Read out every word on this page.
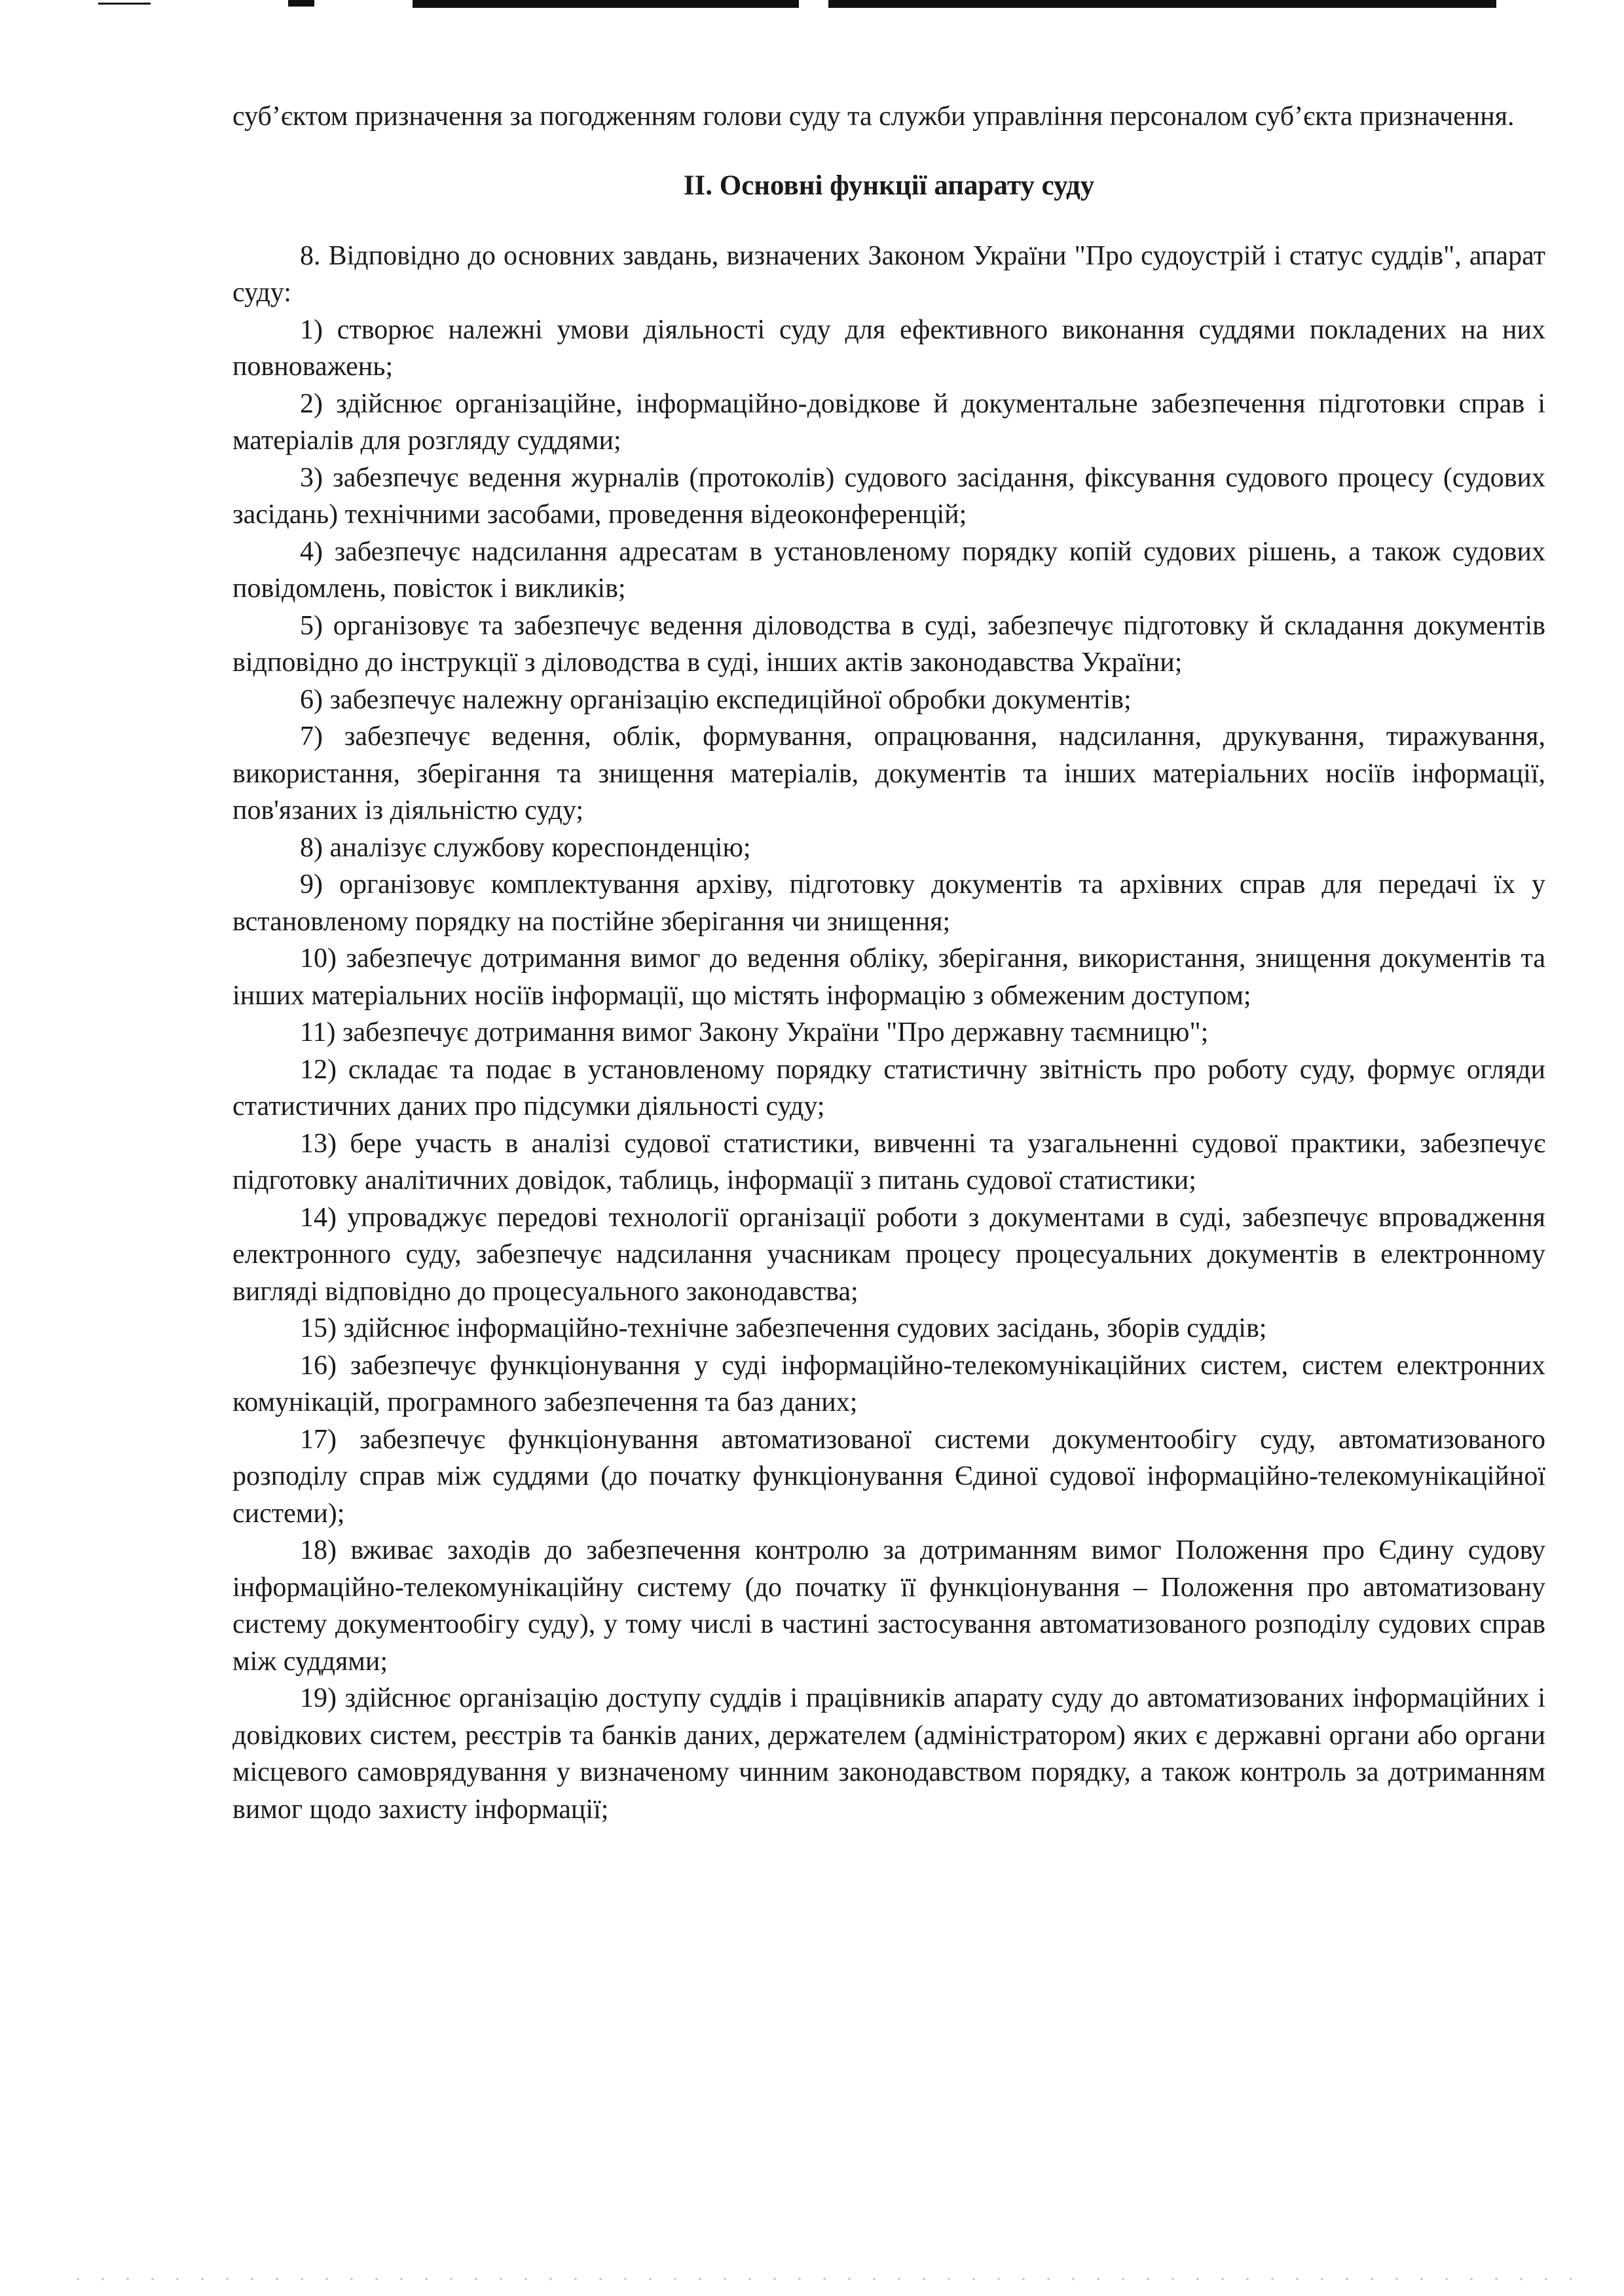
суб’єктом призначення за погодженням голови суду та служби управління персоналом суб’єкта призначення.

ІІ. Основні функції апарату суду

8. Відповідно до основних завдань, визначених Законом України "Про судоустрій і статус суддів", апарат суду:

1) створює належні умови діяльності суду для ефективного виконання суддями покладених на них повноважень;

2) здійснює організаційне, інформаційно-довідкове й документальне забезпечення підготовки справ і матеріалів для розгляду суддями;

3) забезпечує ведення журналів (протоколів) судового засідання, фіксування судового процесу (судових засідань) технічними засобами, проведення відеоконференцій;

4) забезпечує надсилання адресатам в установленому порядку копій судових рішень, а також судових повідомлень, повісток і викликів;

5) організовує та забезпечує ведення діловодства в суді, забезпечує підготовку й складання документів відповідно до інструкції з діловодства в суді, інших актів законодавства України;

6) забезпечує належну організацію експедиційної обробки документів;

7) забезпечує ведення, облік, формування, опрацювання, надсилання, друкування, тиражування, використання, зберігання та знищення матеріалів, документів та інших матеріальних носіїв інформації, пов'язаних із діяльністю суду;

8) аналізує службову кореспонденцію;

9) організовує комплектування архіву, підготовку документів та архівних справ для передачі їх у встановленому порядку на постійне зберігання чи знищення;

10) забезпечує дотримання вимог до ведення обліку, зберігання, використання, знищення документів та інших матеріальних носіїв інформації, що містять інформацію з обмеженим доступом;

11) забезпечує дотримання вимог Закону України "Про державну таємницю";

12) складає та подає в установленому порядку статистичну звітність про роботу суду, формує огляди статистичних даних про підсумки діяльності суду;

13) бере участь в аналізі судової статистики, вивченні та узагальненні судової практики, забезпечує підготовку аналітичних довідок, таблиць, інформації з питань судової статистики;

14) упроваджує передові технології організації роботи з документами в суді, забезпечує впровадження електронного суду, забезпечує надсилання учасникам процесу процесуальних документів в електронному вигляді відповідно до процесуального законодавства;

15) здійснює інформаційно-технічне забезпечення судових засідань, зборів суддів;

16) забезпечує функціонування у суді інформаційно-телекомунікаційних систем, систем електронних комунікацій, програмного забезпечення та баз даних;

17) забезпечує функціонування автоматизованої системи документообігу суду, автоматизованого розподілу справ між суддями (до початку функціонування Єдиної судової інформаційно-телекомунікаційної системи);

18) вживає заходів до забезпечення контролю за дотриманням вимог Положення про Єдину судову інформаційно-телекомунікаційну систему (до початку її функціонування – Положення про автоматизовану систему документообігу суду), у тому числі в частині застосування автоматизованого розподілу судових справ між суддями;

19) здійснює організацію доступу суддів і працівників апарату суду до автоматизованих інформаційних і довідкових систем, реєстрів та банків даних, держателем (адміністратором) яких є державні органи або органи місцевого самоврядування у визначеному чинним законодавством порядку, а також контроль за дотриманням вимог щодо захисту інформації;
